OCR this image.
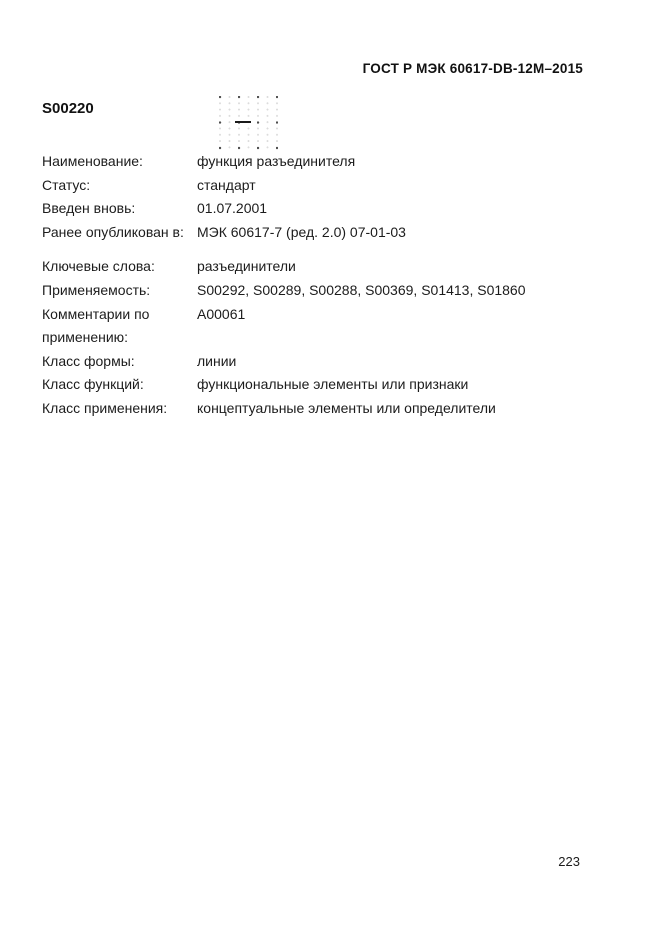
ГОСТ Р МЭК 60617-DB-12M–2015
S00220
Наименование:	функция разъединителя
Статус:	стандарт
Введен вновь:	01.07.2001
Ранее опубликован в: МЭК 60617-7 (ред. 2.0) 07-01-03
Ключевые слова:	разъединители
Применяемость:	S00292, S00289, S00288, S00369, S01413, S01860
Комментарии по применению:
A00061
Класс формы:	линии
Класс функций:	функциональные элементы или признаки
Класс применения:	концептуальные элементы или определители
223
